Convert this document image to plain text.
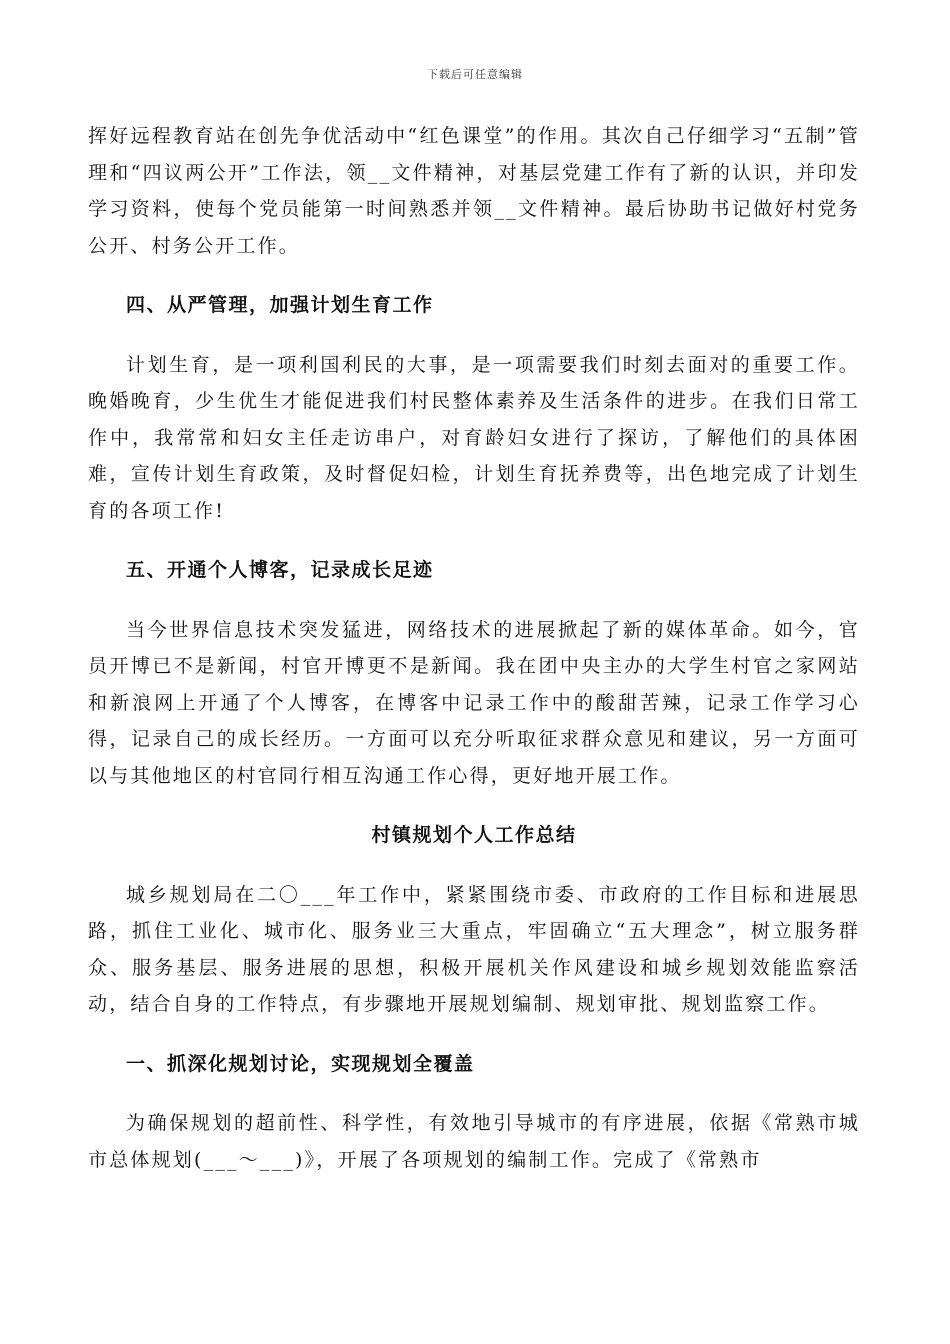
下载后可任意编辑

挥好远程教育站在创先争优活动中“红色课堂”的作用。其次自己仔细学习“五制”管理和“四议两公开”工作法，领__文件精神，对基层党建工作有了新的认识，并印发学习资料，使每个党员能第一时间熟悉并领__文件精神。最后协助书记做好村党务公开、村务公开工作。

四、从严管理，加强计划生育工作

计划生育，是一项利国利民的大事，是一项需要我们时刻去面对的重要工作。晚婚晚育，少生优生才能促进我们村民整体素养及生活条件的进步。在我们日常工作中，我常常和妇女主任走访串户，对育龄妇女进行了探访，了解他们的具体困难，宣传计划生育政策，及时督促妇检，计划生育抚养费等，出色地完成了计划生育的各项工作!

五、开通个人博客，记录成长足迹

当今世界信息技术突发猛进，网络技术的进展掀起了新的媒体革命。如今，官员开博已不是新闻，村官开博更不是新闻。我在团中央主办的大学生村官之家网站和新浪网上开通了个人博客，在博客中记录工作中的酸甜苦辣，记录工作学习心得，记录自己的成长经历。一方面可以充分听取征求群众意见和建议，另一方面可以与其他地区的村官同行相互沟通工作心得，更好地开展工作。

村镇规划个人工作总结

城乡规划局在二〇___年工作中，紧紧围绕市委、市政府的工作目标和进展思路，抓住工业化、城市化、服务业三大重点，牢固确立“五大理念”，树立服务群众、服务基层、服务进展的思想，积极开展机关作风建设和城乡规划效能监察活动，结合自身的工作特点，有步骤地开展规划编制、规划审批、规划监察工作。

一、抓深化规划讨论，实现规划全覆盖

为确保规划的超前性、科学性，有效地引导城市的有序进展，依据《常熟市城市总体规划(___～___)》，开展了各项规划的编制工作。完成了《常熟市
